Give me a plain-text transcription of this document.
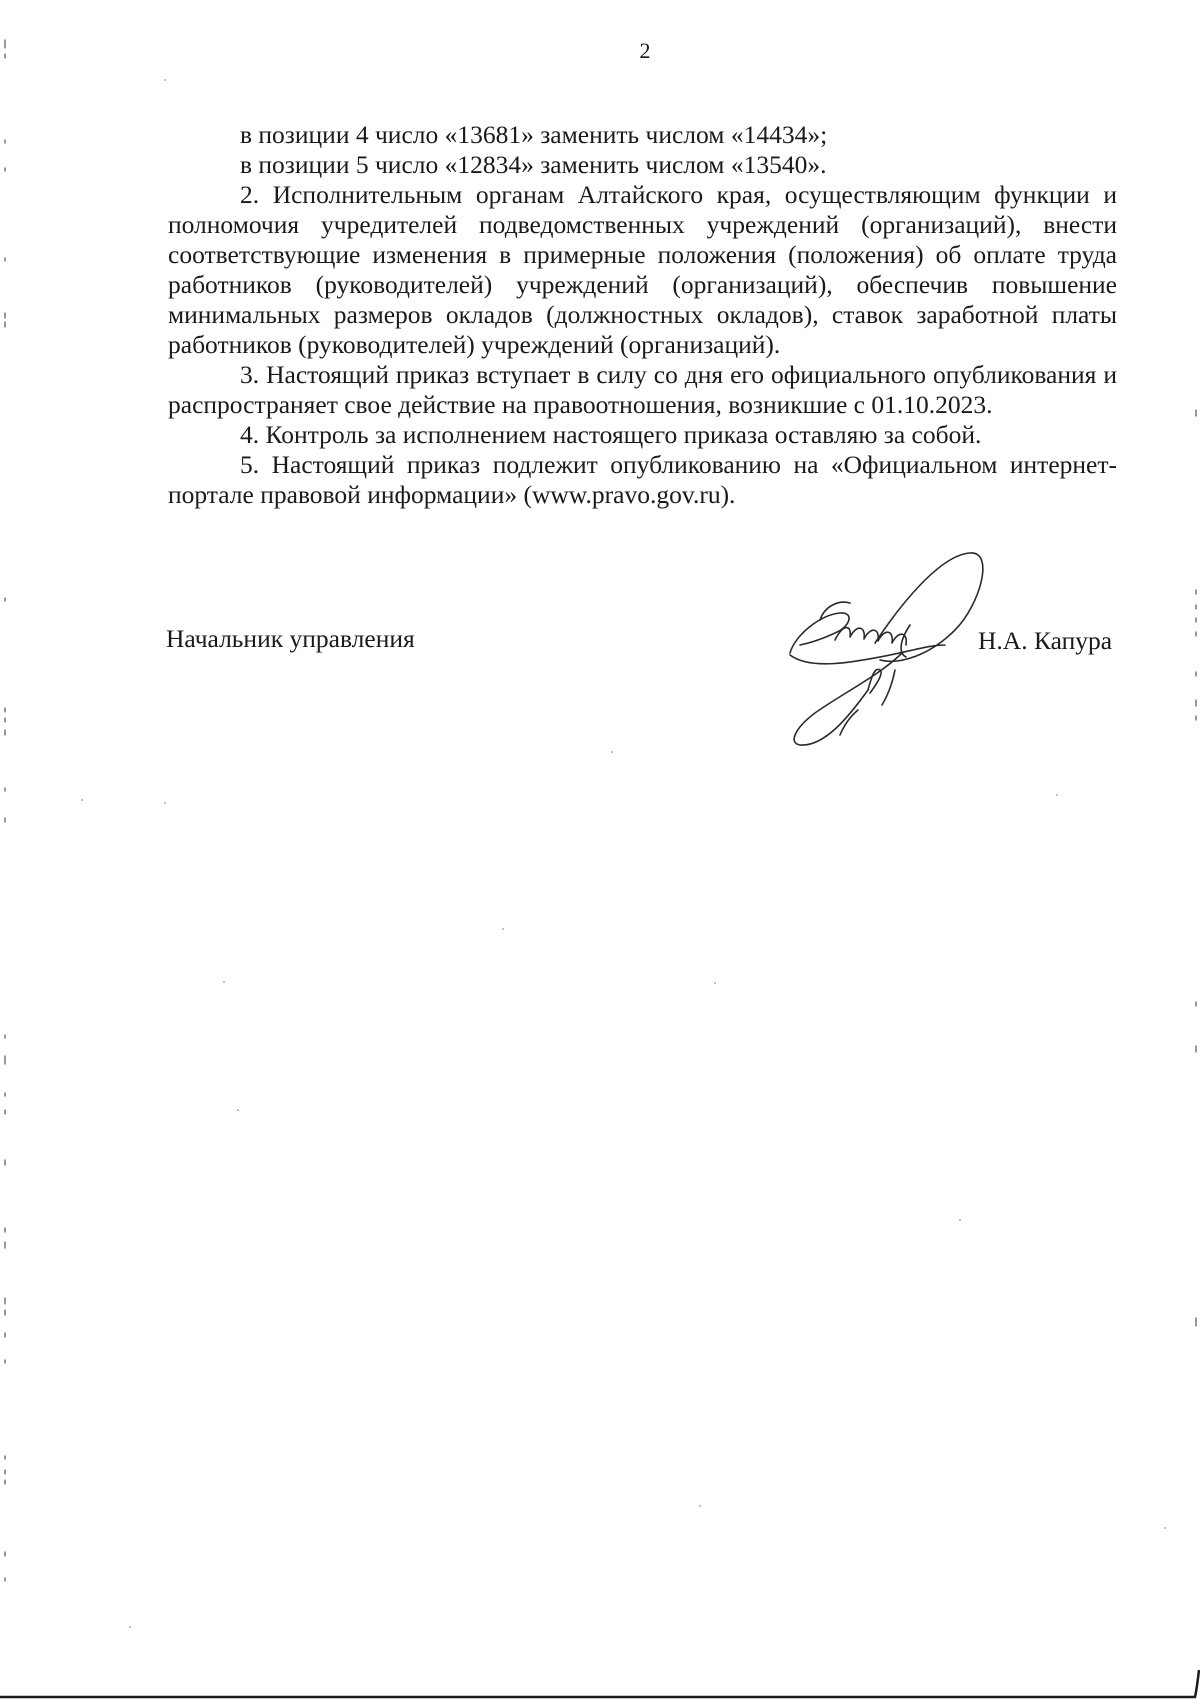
2

в позиции 4 число «13681» заменить числом «14434»;

в позиции 5 число «12834» заменить числом «13540».

2. Исполнительным органам Алтайского края, осуществляющим функции и полномочия учредителей подведомственных учреждений (организаций), внести соответствующие изменения в примерные положения (положения) об оплате труда работников (руководителей) учреждений (организаций), обеспечив повышение минимальных размеров окладов (должностных окладов), ставок заработной платы работников (руководителей) учреждений (организаций).

3. Настоящий приказ вступает в силу со дня его официального опубликования и распространяет свое действие на правоотношения, возникшие с 01.10.2023.

4. Контроль за исполнением настоящего приказа оставляю за собой.

5. Настоящий приказ подлежит опубликованию на «Официальном интернет-портале правовой информации» (www.pravo.gov.ru).

Начальник управления	Н.А. Капура
